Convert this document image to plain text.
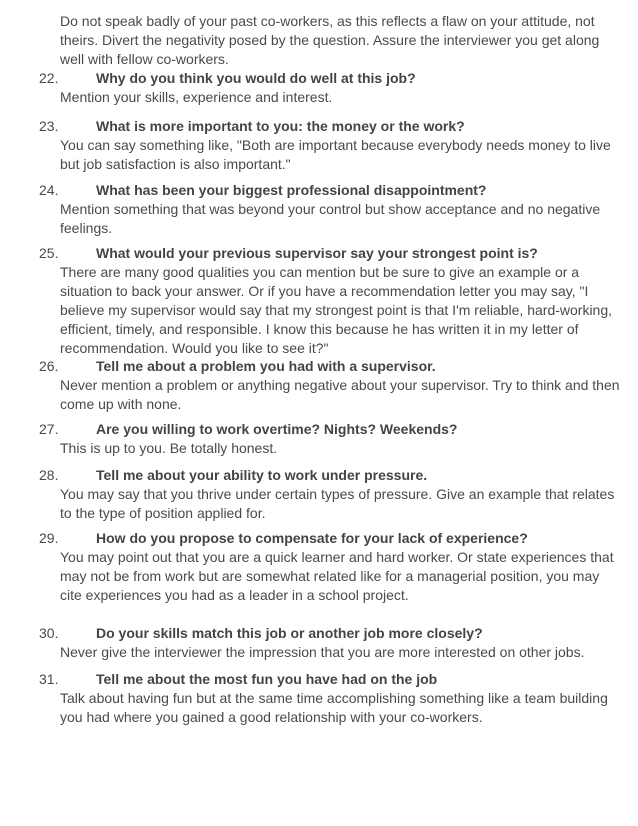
Do not speak badly of your past co-workers, as this reflects a flaw on your attitude, not theirs. Divert the negativity posed by the question. Assure the interviewer you get along well with fellow co-workers.

22.	Why do you think you would do well at this job?

Mention your skills, experience and interest.

23.	What is more important to you: the money or the work?

You can say something like, "Both are important because everybody needs money to live but job satisfaction is also important."

24.	What has been your biggest professional disappointment?

Mention something that was beyond your control but show acceptance and no negative feelings.

25.	What would your previous supervisor say your strongest point is?

There are many good qualities you can mention but be sure to give an example or a situation to back your answer. Or if you have a recommendation letter you may say, "I believe my supervisor would say that my strongest point is that I'm reliable, hard-working, efficient, timely, and responsible. I know this because he has written it in my letter of recommendation. Would you like to see it?"

26.	Tell me about a problem you had with a supervisor.

Never mention a problem or anything negative about your supervisor. Try to think and then come up with none.

27.	Are you willing to work overtime? Nights? Weekends?

This is up to you. Be totally honest.

28.	Tell me about your ability to work under pressure.

You may say that you thrive under certain types of pressure. Give an example that relates to the type of position applied for.

29.	How do you propose to compensate for your lack of experience?

You may point out that you are a quick learner and hard worker. Or state experiences that may not be from work but are somewhat related like for a managerial position, you may cite experiences you had as a leader in a school project.

30.	Do your skills match this job or another job more closely?

Never give the interviewer the impression that you are more interested on other jobs.

31.	Tell me about the most fun you have had on the job

Talk about having fun but at the same time accomplishing something like a team building you had where you gained a good relationship with your co-workers.
